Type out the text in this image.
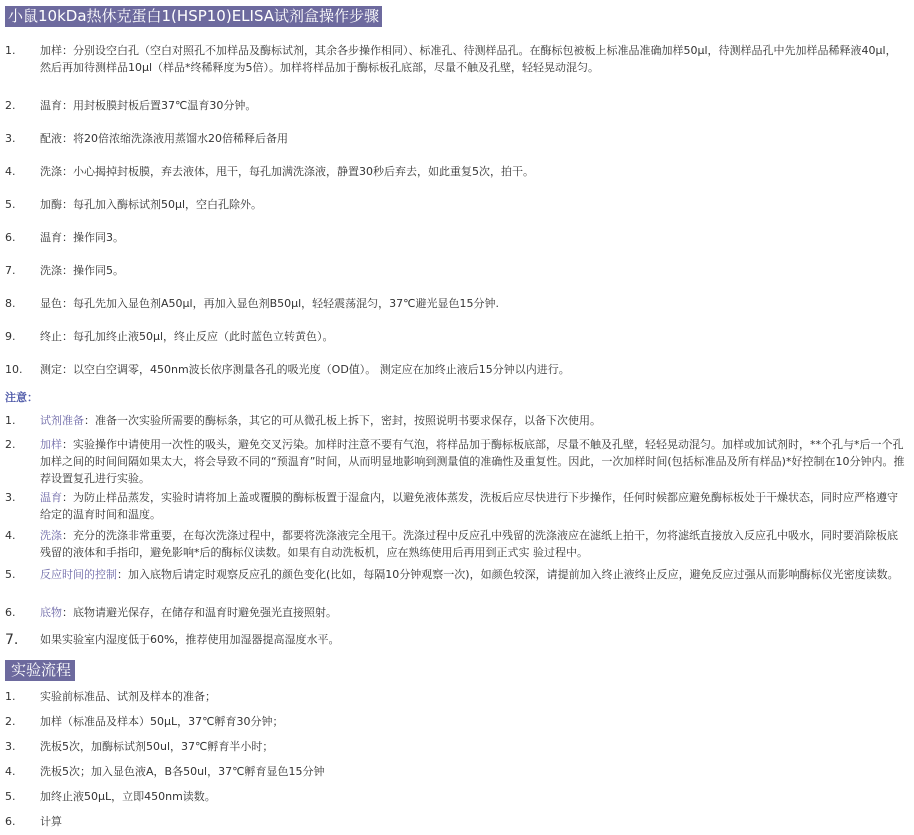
小鼠10kDa热休克蛋白1(HSP10)ELISA试剂盒操作步骤
1. 加样：分别设空白孔（空白对照孔不加样品及酶标试剂，其余各步操作相同）、标准孔、待测样品孔。在酶标包被板上标准品准确加样50μl，待测样品孔中先加样品稀释液40μl，然后再加待测样品10μl（样品*终稀释度为5倍）。加样将样品加于酶标板孔底部，尽量不触及孔壁，轻轻晃动混匀。
2. 温育：用封板膜封板后置37℃温育30分钟。
3. 配液：将20倍浓缩洗涤液用蒸馏水20倍稀释后备用
4. 洗涤：小心揭掉封板膜，弃去液体，甩干，每孔加满洗涤液，静置30秒后弃去，如此重复5次，拍干。
5. 加酶：每孔加入酶标试剂50μl，空白孔除外。
6. 温育：操作同3。
7. 洗涤：操作同5。
8. 显色：每孔先加入显色剂A50μl，再加入显色剂B50μl，轻轻震荡混匀，37℃避光显色15分钟.
9. 终止：每孔加终止液50μl，终止反应（此时蓝色立转黄色）。
10. 测定：以空白空调零，450nm波长依序测量各孔的吸光度（OD值）。 测定应在加终止液后15分钟以内进行。
注意：
1. 试剂准备：准备一次实验所需要的酶标条，其它的可从微孔板上拆下，密封，按照说明书要求保存，以备下次使用。
2. 加样：实验操作中请使用一次性的吸头，避免交叉污染。加样时注意不要有气泡，将样品加于酶标板底部，尽量不触及孔壁，轻轻晃动混匀。加样或加试剂时，**个孔与*后一个孔加样之间的时间间隔如果太大，将会导致不同的“预温育”时间，从而明显地影响到测量值的准确性及重复性。因此，一次加样时间(包括标准品及所有样品)*好控制在10分钟内。推荐设置复孔进行实验。
3. 温育：为防止样品蒸发，实验时请将加上盖或覆膜的酶标板置于湿盒内，以避免液体蒸发，洗板后应尽快进行下步操作，任何时候都应避免酶标板处于干燥状态，同时应严格遵守给定的温育时间和温度。
4. 洗涤：充分的洗涤非常重要，在每次洗涤过程中，都要将洗涤液完全甩干。洗涤过程中反应孔中残留的洗涤液应在滤纸上拍干，勿将滤纸直接放入反应孔中吸水，同时要消除板底残留的液体和手指印，避免影响*后的酶标仪读数。如果有自动洗板机，应在熟练使用后再用到正式实 验过程中。
5. 反应时间的控制：加入底物后请定时观察反应孔的颜色变化(比如，每隔10分钟观察一次)，如颜色较深，请提前加入终止液终止反应，避免反应过强从而影响酶标仪光密度读数。
6. 底物：底物请避光保存，在储存和温育时避免强光直接照射。
7. 如果实验室内湿度低于60%，推荐使用加湿器提高湿度水平。
实验流程
1. 实验前标准品、试剂及样本的准备；
2. 加样（标准品及样本）50μL，37℃孵育30分钟；
3. 洗板5次，加酶标试剂50ul，37℃孵育半小时；
4. 洗板5次；加入显色液A，B各50ul，37℃孵育显色15分钟
5. 加终止液50μL，立即450nm读数。
6. 计算
